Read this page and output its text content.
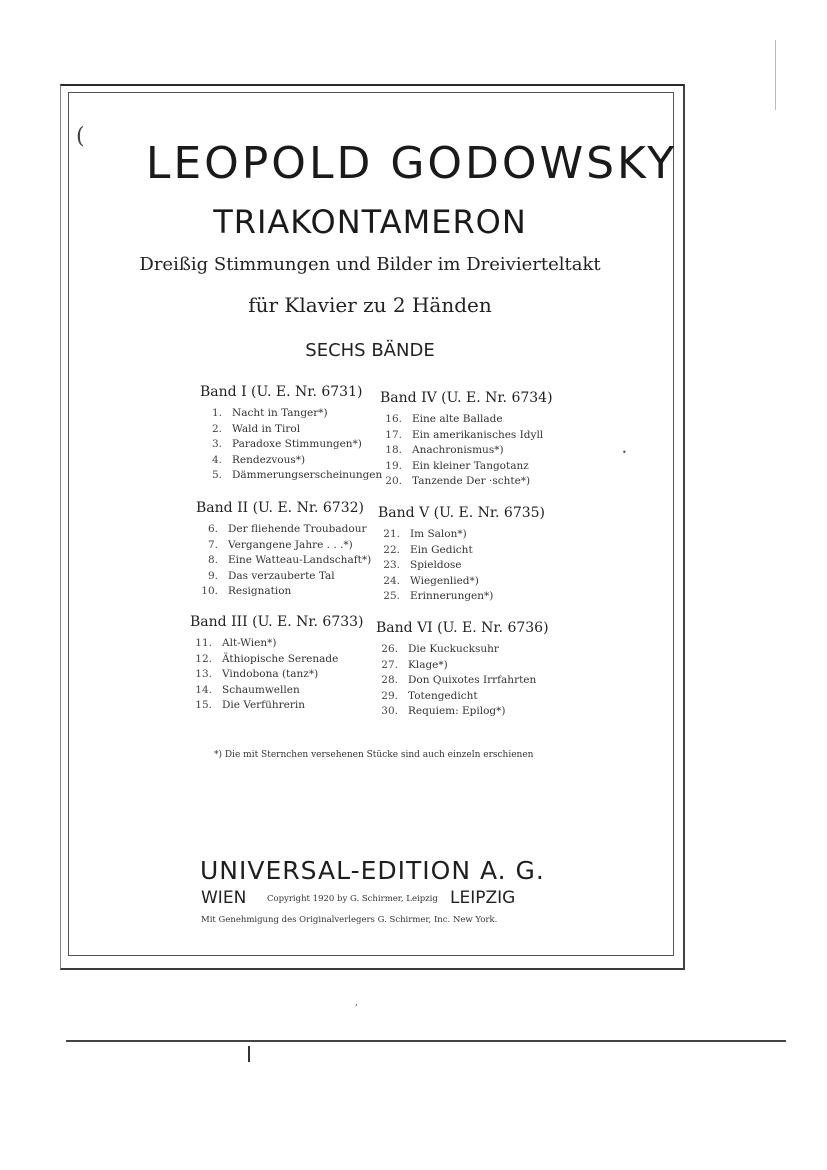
(
LEOPOLD GODOWSKY
TRIAKONTAMERON
Dreißig Stimmungen und Bilder im Dreivierteltakt
für Klavier zu 2 Händen
SECHS BÄNDE
Band I (U. E. Nr. 6731)
1. Nacht in Tanger*)
2. Wald in Tirol
3. Paradoxe Stimmungen*)
4. Rendezvous*)
5. Dämmerungserscheinungen
Band II (U. E. Nr. 6732)
6. Der fliehende Troubadour
7. Vergangene Jahre . . .*)
8. Eine Watteau-Landschaft*)
9. Das verzauberte Tal
10. Resignation
Band III (U. E. Nr. 6733)
11. Alt-Wien*)
12. Äthiopische Serenade
13. Vindobona (tanz*)
14. Schaumwellen
15. Die Verführerin
Band IV (U. E. Nr. 6734)
16. Eine alte Ballade
17. Ein amerikanisches Idyll
18. Anachronismus*)
19. Ein kleiner Tangotanz
20. Tanzende Der ·schte*)
Band V (U. E. Nr. 6735)
21. Im Salon*)
22. Ein Gedicht
23. Spieldose
24. Wiegenlied*)
25. Erinnerungen*)
Band VI (U. E. Nr. 6736)
26. Die Kuckucksuhr
27. Klage*)
28. Don Quixotes Irrfahrten
29. Totengedicht
30. Requiem: Epilog*)
*) Die mit Sternchen versehenen Stücke sind auch einzeln erschienen
UNIVERSAL-EDITION A. G.
WIEN Copyright 1920 by G. Schirmer, Leipzig LEIPZIG
Mit Genehmigung des Originalverlegers G. Schirmer, Inc. New York.
,
•
